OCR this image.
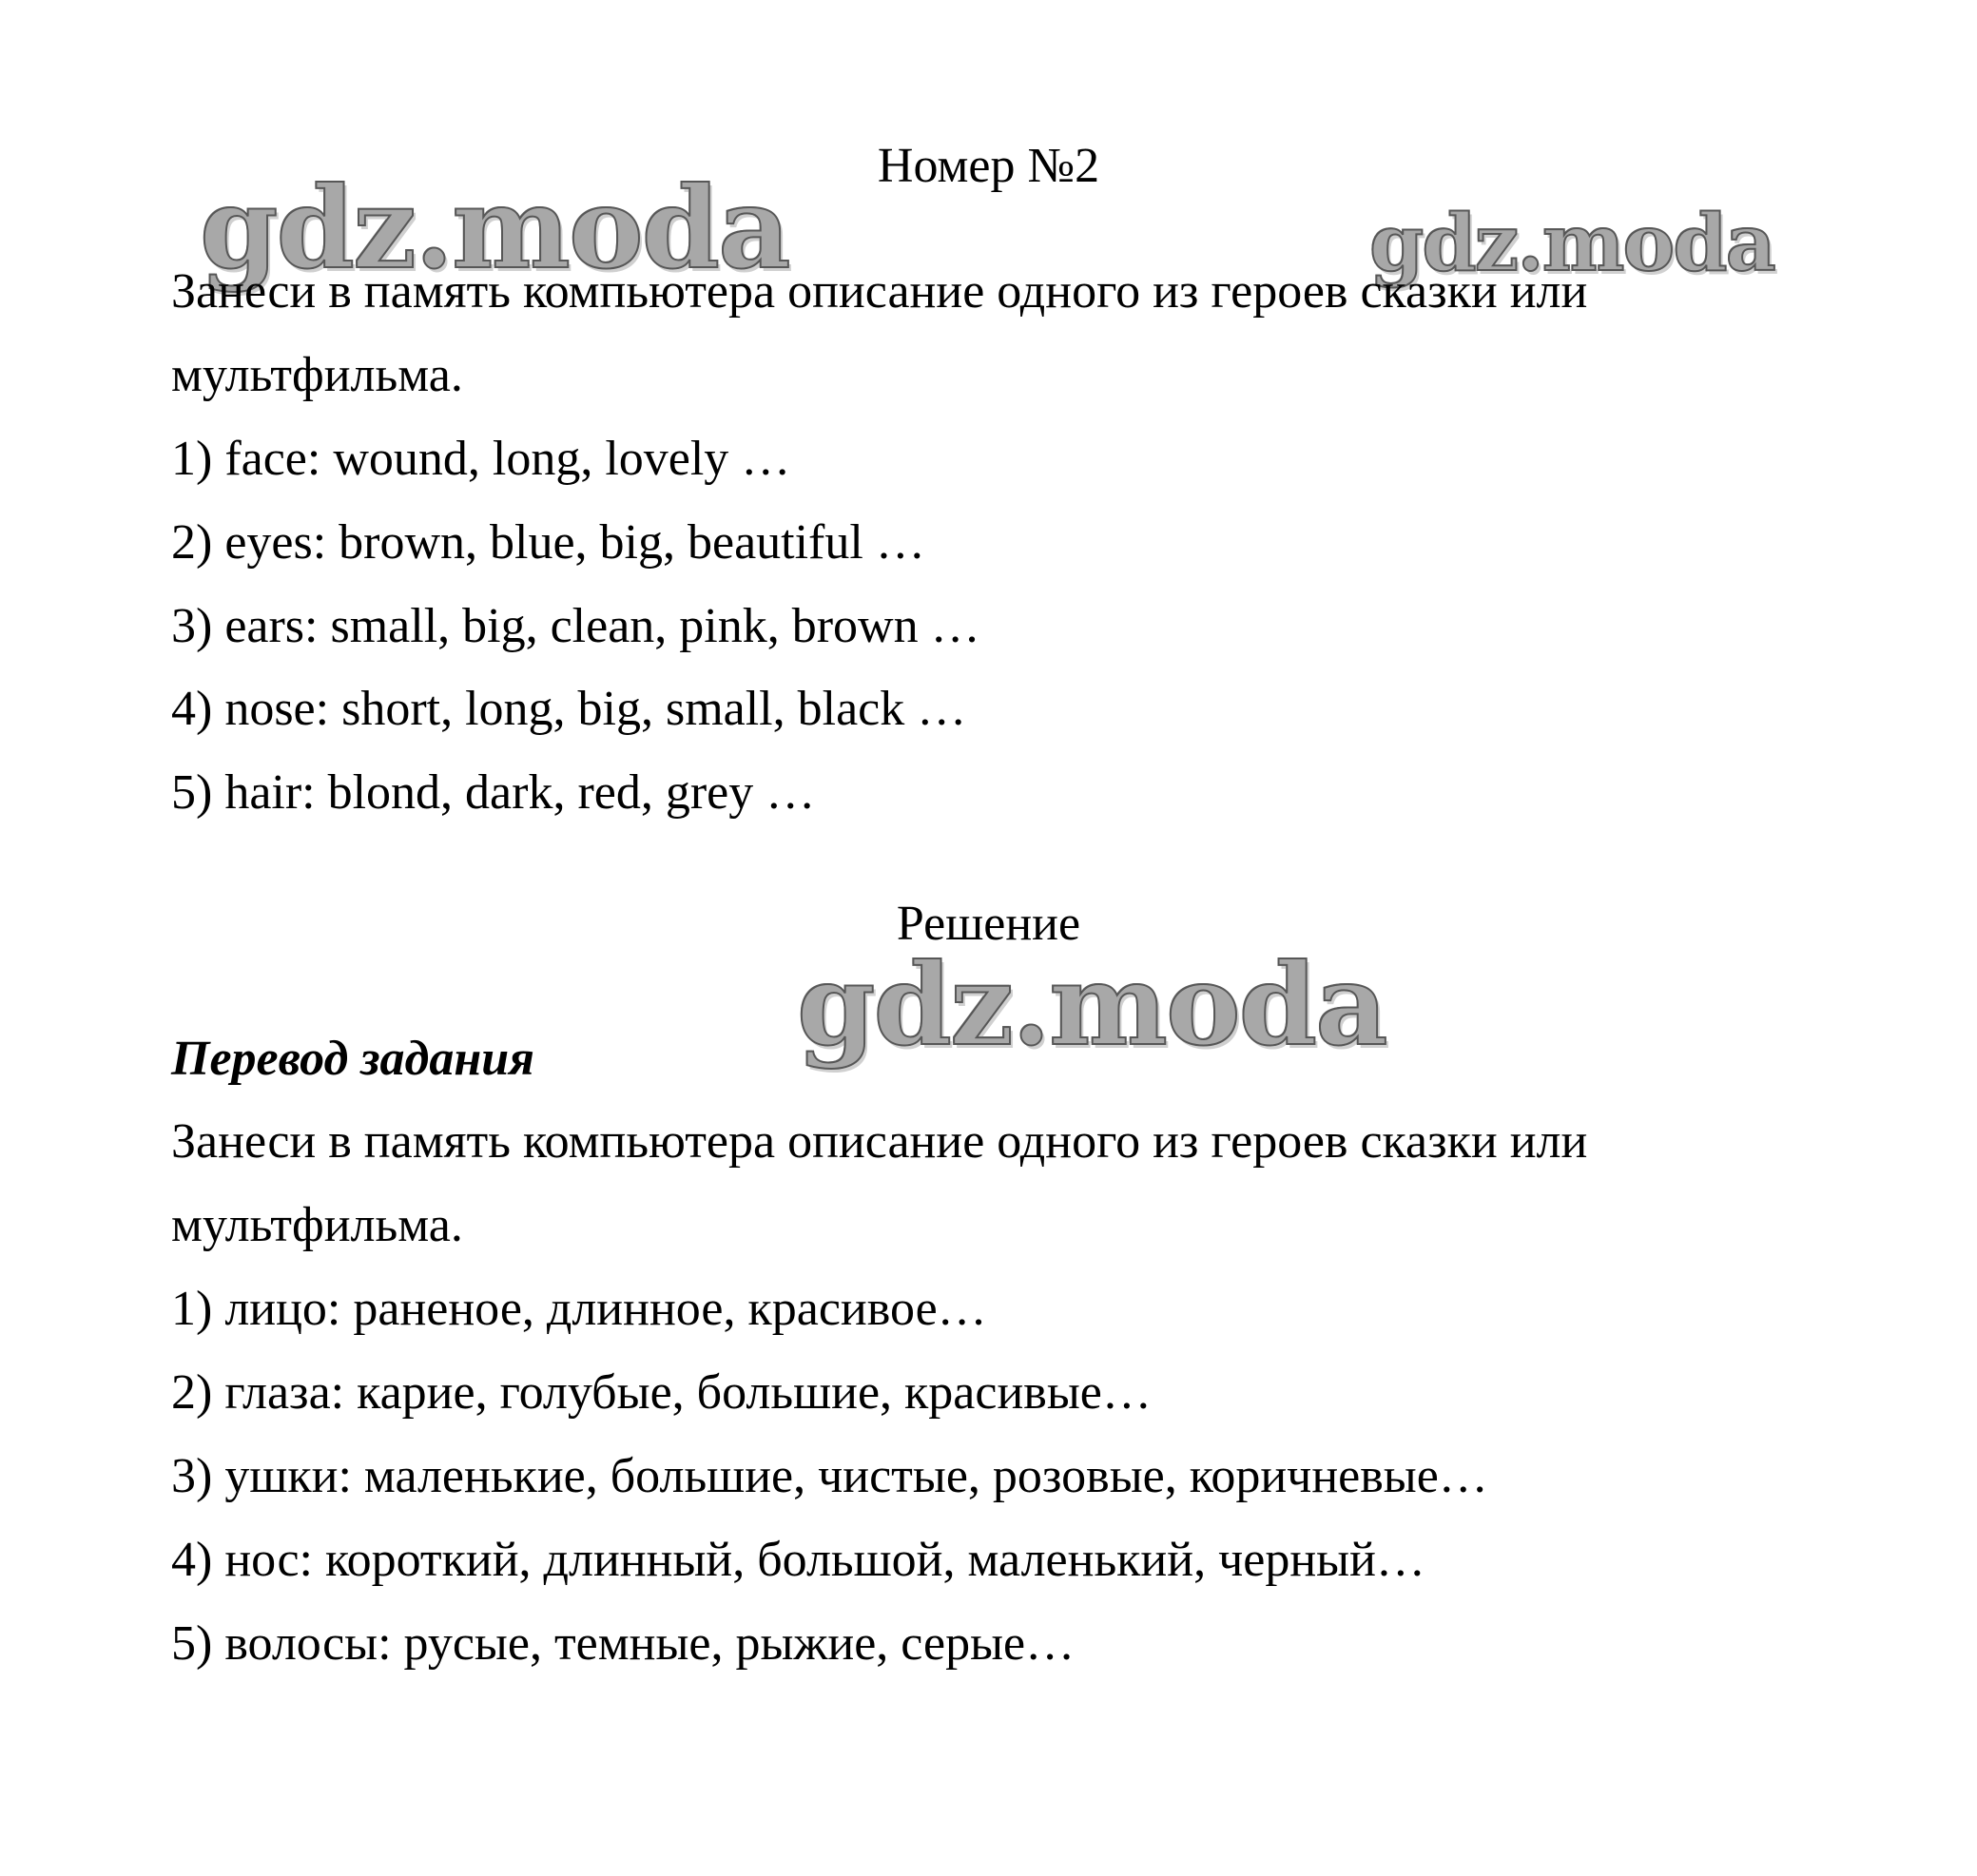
gdz.moda	gdz.moda
gdz.moda
Номер №2
Занеси в память компьютера описание одного из героев сказки или
мультфильма.
1) face: wound, long, lovely …
2) eyes: brown, blue, big, beautiful …
3) ears: small, big, clean, pink, brown …
4) nose: short, long, big, small, black …
5) hair: blond, dark, red, grey …
Решение
Перевод задания
Занеси в память компьютера описание одного из героев сказки или
мультфильма.
1) лицо: раненое, длинное, красивое…
2) глаза: карие, голубые, большие, красивые…
3) ушки: маленькие, большие, чистые, розовые, коричневые…
4) нос: короткий, длинный, большой, маленький, черный…
5) волосы: русые, темные, рыжие, серые…
